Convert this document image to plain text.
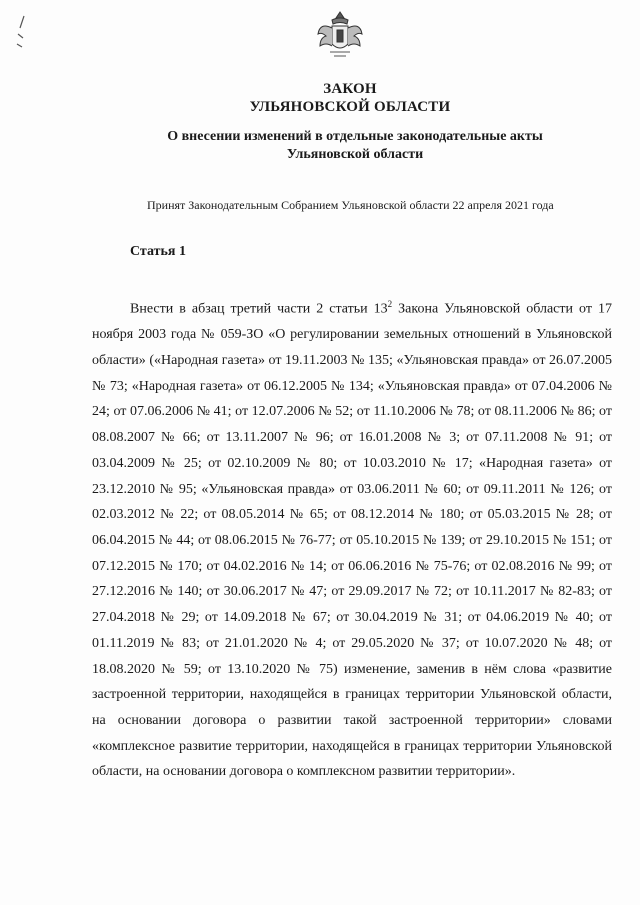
ЗАКОН
УЛЬЯНОВСКОЙ ОБЛАСТИ
О внесении изменений в отдельные законодательные акты
Ульяновской области
Принят Законодательным Собранием Ульяновской области 22 апреля 2021 года
Статья 1

Внести в абзац третий части 2 статьи $13^2$ Закона Ульяновской области от 17 ноября 2003 года № 059-ЗО «О регулировании земельных отношений в Ульяновской области» («Народная газета» от 19.11.2003 № 135; «Ульяновская правда» от 26.07.2005 № 73; «Народная газета» от 06.12.2005 № 134; «Ульяновская правда» от 07.04.2006 № 24; от 07.06.2006 № 41; от 12.07.2006 № 52; от 11.10.2006 № 78; от 08.11.2006 № 86; от 08.08.2007 № 66; от 13.11.2007 № 96; от 16.01.2008 № 3; от 07.11.2008 № 91; от 03.04.2009 № 25; от 02.10.2009 № 80; от 10.03.2010 № 17; «Народная газета» от 23.12.2010 № 95; «Ульяновская правда» от 03.06.2011 № 60; от 09.11.2011 № 126; от 02.03.2012 № 22; от 08.05.2014 № 65; от 08.12.2014 № 180; от 05.03.2015 № 28; от 06.04.2015 № 44; от 08.06.2015 № 76-77; от 05.10.2015 № 139; от 29.10.2015 № 151; от 07.12.2015 № 170; от 04.02.2016 № 14; от 06.06.2016 № 75-76; от 02.08.2016 № 99; от 27.12.2016 № 140; от 30.06.2017 № 47; от 29.09.2017 № 72; от 10.11.2017 № 82-83; от 27.04.2018 № 29; от 14.09.2018 № 67; от 30.04.2019 № 31; от 04.06.2019 № 40; от 01.11.2019 № 83; от 21.01.2020 № 4; от 29.05.2020 № 37; от 10.07.2020 № 48; от 18.08.2020 № 59; от 13.10.2020 № 75) изменение, заменив в нём слова «развитие застроенной территории, находящейся в границах территории Ульяновской области, на основании договора о развитии такой застроенной территории» словами «комплексное развитие территории, находящейся в границах территории Ульяновской области, на основании договора о комплексном развитии территории».
